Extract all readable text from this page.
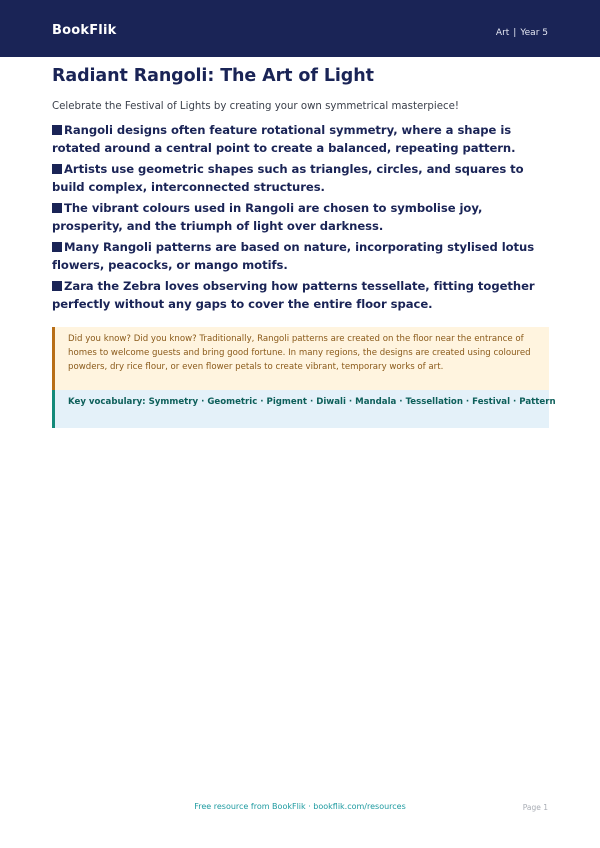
BookFlik	Art | Year 5
Radiant Rangoli: The Art of Light

Celebrate the Festival of Lights by creating your own symmetrical masterpiece!

Rangoli designs often feature rotational symmetry, where a shape is rotated around a central point to create a balanced, repeating pattern.
Artists use geometric shapes such as triangles, circles, and squares to build complex, interconnected structures.
The vibrant colours used in Rangoli are chosen to symbolise joy, prosperity, and the triumph of light over darkness.
Many Rangoli patterns are based on nature, incorporating stylised lotus flowers, peacocks, or mango motifs.
Zara the Zebra loves observing how patterns tessellate, fitting together perfectly without any gaps to cover the entire floor space.

Did you know? Did you know? Traditionally, Rangoli patterns are created on the floor near the entrance of homes to welcome guests and bring good fortune. In many regions, the designs are created using coloured powders, dry rice flour, or even flower petals to create vibrant, temporary works of art.

Key vocabulary: Symmetry · Geometric · Pigment · Diwali · Mandala · Tessellation · Festival · Pattern

Free resource from BookFlik · bookflik.com/resources	Page 1
